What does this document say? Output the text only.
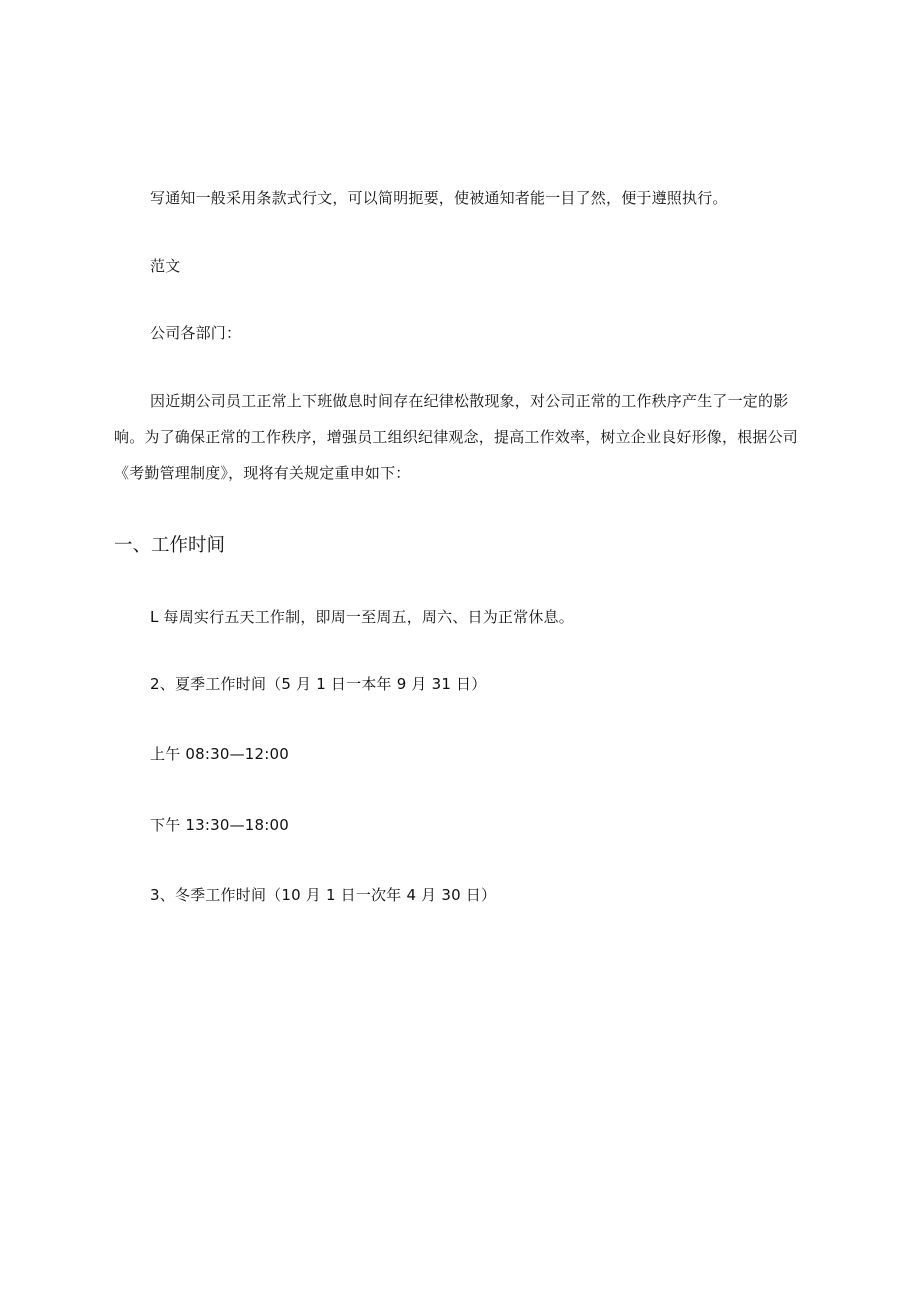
写通知一般采用条款式行文，可以简明扼要，使被通知者能一目了然，便于遵照执行。
范文
公司各部门：
因近期公司员工正常上下班做息时间存在纪律松散现象，对公司正常的工作秩序产生了一定的影
响。为了确保正常的工作秩序，增强员工组织纪律观念，提高工作效率，树立企业良好形像，根据公司
《考勤管理制度》，现将有关规定重申如下：
一、工作时间
L 每周实行五天工作制，即周一至周五，周六、日为正常休息。
2、夏季工作时间（5 月 1 日一本年 9 月 31 日）
上午 08:30—12:00
下午 13:30—18:00
3、冬季工作时间（10 月 1 日一次年 4 月 30 日）
